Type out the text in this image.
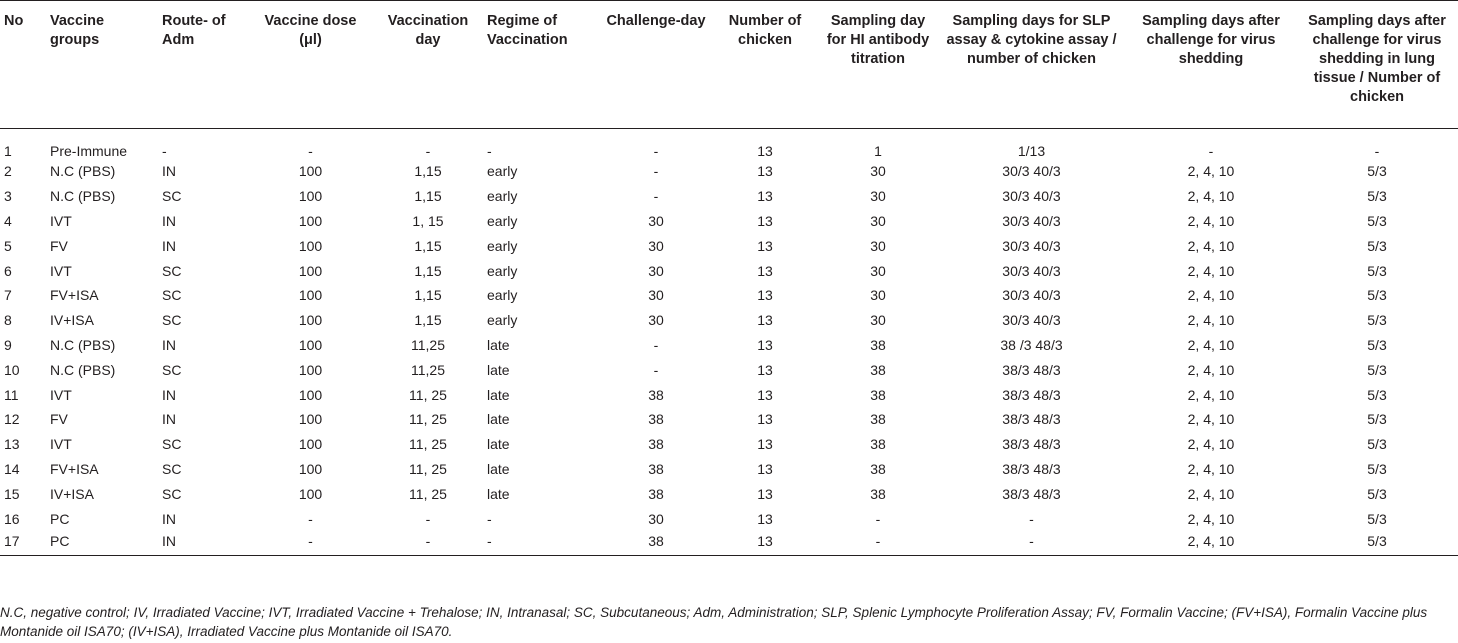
No	Vaccine groups	Route- of Adm	Vaccine dose (μl)	Vaccination day	Regime of Vaccination	Challenge-day	Number of chicken	Sampling day for HI antibody titration	Sampling days for SLP assay & cytokine assay / number of chicken	Sampling days after challenge for virus shedding	Sampling days after challenge for virus shedding in lung tissue / Number of chicken
1	Pre-Immune	-	-	-	-	-	13	1	1/13	-	-
2	N.C (PBS)	IN	100	1,15	early	-	13	30	30/3 40/3	2, 4, 10	5/3
3	N.C (PBS)	SC	100	1,15	early	-	13	30	30/3 40/3	2, 4, 10	5/3
4	IVT	IN	100	1, 15	early	30	13	30	30/3 40/3	2, 4, 10	5/3
5	FV	IN	100	1,15	early	30	13	30	30/3 40/3	2, 4, 10	5/3
6	IVT	SC	100	1,15	early	30	13	30	30/3 40/3	2, 4, 10	5/3
7	FV+ISA	SC	100	1,15	early	30	13	30	30/3 40/3	2, 4, 10	5/3
8	IV+ISA	SC	100	1,15	early	30	13	30	30/3 40/3	2, 4, 10	5/3
9	N.C (PBS)	IN	100	11,25	late	-	13	38	38 /3 48/3	2, 4, 10	5/3
10	N.C (PBS)	SC	100	11,25	late	-	13	38	38/3 48/3	2, 4, 10	5/3
11	IVT	IN	100	11, 25	late	38	13	38	38/3 48/3	2, 4, 10	5/3
12	FV	IN	100	11, 25	late	38	13	38	38/3 48/3	2, 4, 10	5/3
13	IVT	SC	100	11, 25	late	38	13	38	38/3 48/3	2, 4, 10	5/3
14	FV+ISA	SC	100	11, 25	late	38	13	38	38/3 48/3	2, 4, 10	5/3
15	IV+ISA	SC	100	11, 25	late	38	13	38	38/3 48/3	2, 4, 10	5/3
16	PC	IN	-	-	-	30	13	-	-	2, 4, 10	5/3
17	PC	IN	-	-	-	38	13	-	-	2, 4, 10	5/3
N.C, negative control; IV, Irradiated Vaccine; IVT, Irradiated Vaccine + Trehalose; IN, Intranasal; SC, Subcutaneous; Adm, Administration; SLP, Splenic Lymphocyte Proliferation Assay; FV, Formalin Vaccine; (FV+ISA), Formalin Vaccine plus Montanide oil ISA70; (IV+ISA), Irradiated Vaccine plus Montanide oil ISA70.
